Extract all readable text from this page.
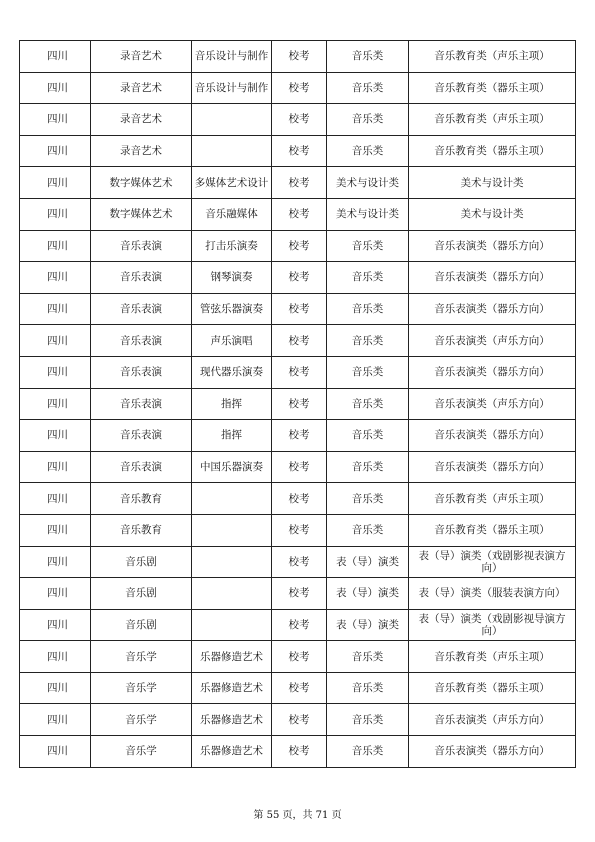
四川	录音艺术	音乐设计与制作	校考	音乐类	音乐教育类（声乐主项）
四川	录音艺术	音乐设计与制作	校考	音乐类	音乐教育类（器乐主项）
四川	录音艺术		校考	音乐类	音乐教育类（声乐主项）
四川	录音艺术		校考	音乐类	音乐教育类（器乐主项）
四川	数字媒体艺术	多媒体艺术设计	校考	美术与设计类	美术与设计类
四川	数字媒体艺术	音乐融媒体	校考	美术与设计类	美术与设计类
四川	音乐表演	打击乐演奏	校考	音乐类	音乐表演类（器乐方向）
四川	音乐表演	钢琴演奏	校考	音乐类	音乐表演类（器乐方向）
四川	音乐表演	管弦乐器演奏	校考	音乐类	音乐表演类（器乐方向）
四川	音乐表演	声乐演唱	校考	音乐类	音乐表演类（声乐方向）
四川	音乐表演	现代器乐演奏	校考	音乐类	音乐表演类（器乐方向）
四川	音乐表演	指挥	校考	音乐类	音乐表演类（声乐方向）
四川	音乐表演	指挥	校考	音乐类	音乐表演类（器乐方向）
四川	音乐表演	中国乐器演奏	校考	音乐类	音乐表演类（器乐方向）
四川	音乐教育		校考	音乐类	音乐教育类（声乐主项）
四川	音乐教育		校考	音乐类	音乐教育类（器乐主项）
四川	音乐剧		校考	表（导）演类	表（导）演类（戏剧影视表演方向）
四川	音乐剧		校考	表（导）演类	表（导）演类（服装表演方向）
四川	音乐剧		校考	表（导）演类	表（导）演类（戏剧影视导演方向）
四川	音乐学	乐器修造艺术	校考	音乐类	音乐教育类（声乐主项）
四川	音乐学	乐器修造艺术	校考	音乐类	音乐教育类（器乐主项）
四川	音乐学	乐器修造艺术	校考	音乐类	音乐表演类（声乐方向）
四川	音乐学	乐器修造艺术	校考	音乐类	音乐表演类（器乐方向）
第 55 页，共 71 页
